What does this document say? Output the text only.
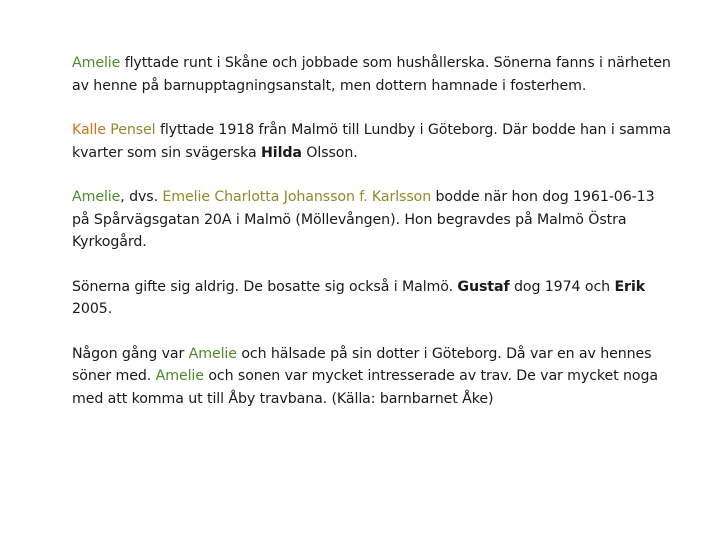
Amelie flyttade runt i Skåne och jobbade som hushållerska. Sönerna fanns i närheten av henne på barnupptagningsanstalt, men dottern hamnade i fosterhem.

Kalle Pensel flyttade 1918 från Malmö till Lundby i Göteborg. Där bodde han i samma kvarter som sin svägerska Hilda Olsson.

Amelie, dvs. Emelie Charlotta Johansson f. Karlsson bodde när hon dog 1961-06-13 på Spårvägsgatan 20A i Malmö (Möllevången). Hon begravdes på Malmö Östra Kyrkogård.

Sönerna gifte sig aldrig. De bosatte sig också i Malmö. Gustaf dog 1974 och Erik 2005.

Någon gång var Amelie och hälsade på sin dotter i Göteborg. Då var en av hennes söner med. Amelie och sonen var mycket intresserade av trav. De var mycket noga med att komma ut till Åby travbana. (Källa: barnbarnet Åke)
